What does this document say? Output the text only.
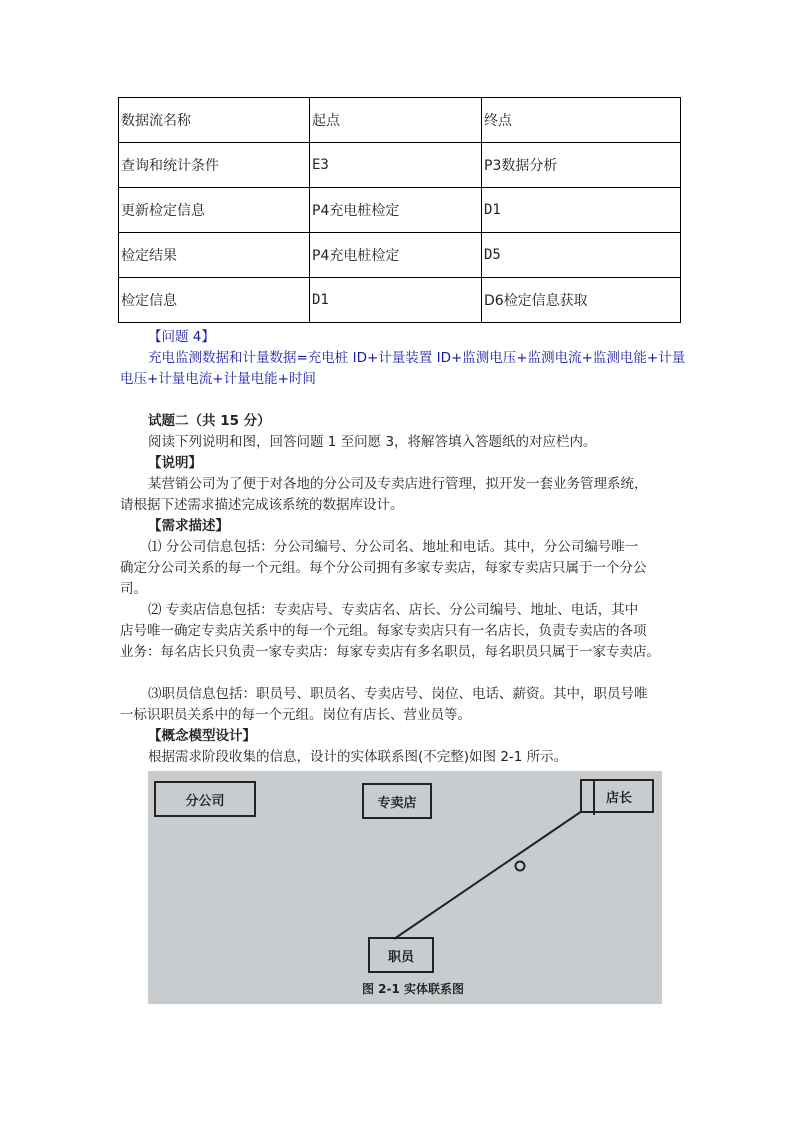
数据流名称	起点	终点
查询和统计条件	E3	P3数据分析
更新检定信息	P4充电桩检定	D1
检定结果	P4充电桩检定	D5
检定信息	D1	D6检定信息获取
【问题 4】
充电监测数据和计量数据=充电桩 ID+计量装置 ID+监测电压+监测电流+监测电能+计量
电压+计量电流+计量电能+时间
试题二（共 15 分）
阅读下列说明和图，回答问题 1 至问愿 3，将解答填入答题纸的对应栏内。
【说明】
某营销公司为了便于对各地的分公司及专卖店进行管理，拟开发一套业务管理系统，
请根据下述需求描述完成该系统的数据库设计。
【需求描述】
⑴ 分公司信息包括：分公司编号、分公司名、地址和电话。其中，分公司编号唯一
确定分公司关系的每一个元组。每个分公司拥有多家专卖店，每家专卖店只属于一个分公
司。
⑵ 专卖店信息包括：专卖店号、专卖店名、店长、分公司编号、地址、电话，其中
店号唯一确定专卖店关系中的每一个元组。每家专卖店只有一名店长，负责专卖店的各项
业务：每名店长只负责一家专卖店：每家专卖店有多名职员，每名职员只属于一家专卖店。
⑶职员信息包括：职员号、职员名、专卖店号、岗位、电话、薪资。其中，职员号唯
一标识职员关系中的每一个元组。岗位有店长、营业员等。
【概念模型设计】
根据需求阶段收集的信息，设计的实体联系图(不完整)如图 2-1 所示。
分公司	专卖店	店长
职员
图 2-1 实体联系图
